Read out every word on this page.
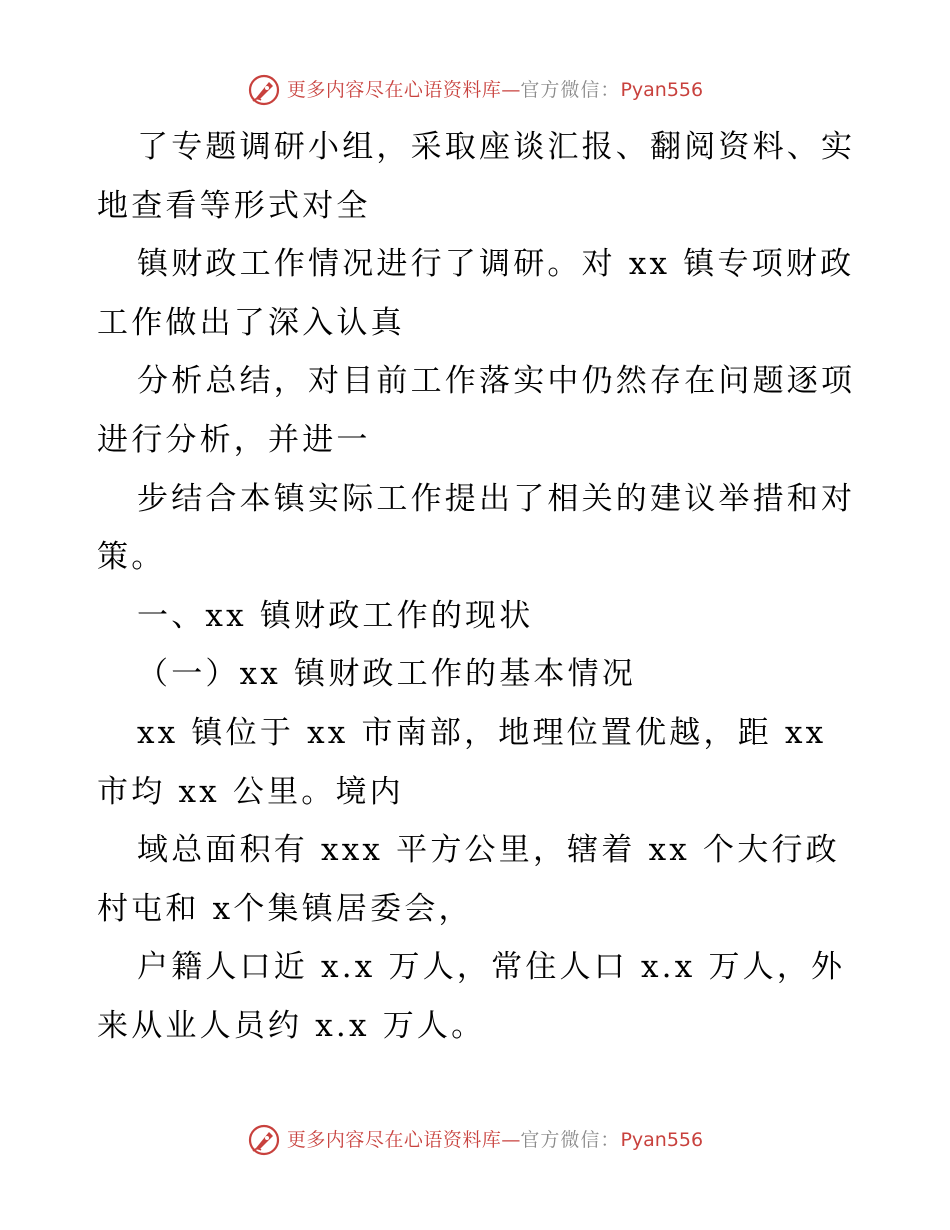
更多内容尽在心语资料库 — 官方微信： Pyan556
了专题调研小组，采取座谈汇报、翻阅资料、实
地查看等形式对全
镇财政工作情况进行了调研。对 xx 镇专项财政
工作做出了深入认真
分析总结，对目前工作落实中仍然存在问题逐项
进行分析，并进一
步结合本镇实际工作提出了相关的建议举措和对
策。
一、xx 镇财政工作的现状
（一）xx 镇财政工作的基本情况
xx 镇位于 xx 市南部，地理位置优越，距 xx
市均 xx 公里。境内
域总面积有 xxx 平方公里，辖着 xx 个大行政
村屯和 x个集镇居委会，
户籍人口近 x.x 万人，常住人口 x.x 万人，外
来从业人员约 x.x 万人。
更多内容尽在心语资料库 — 官方微信： Pyan556
